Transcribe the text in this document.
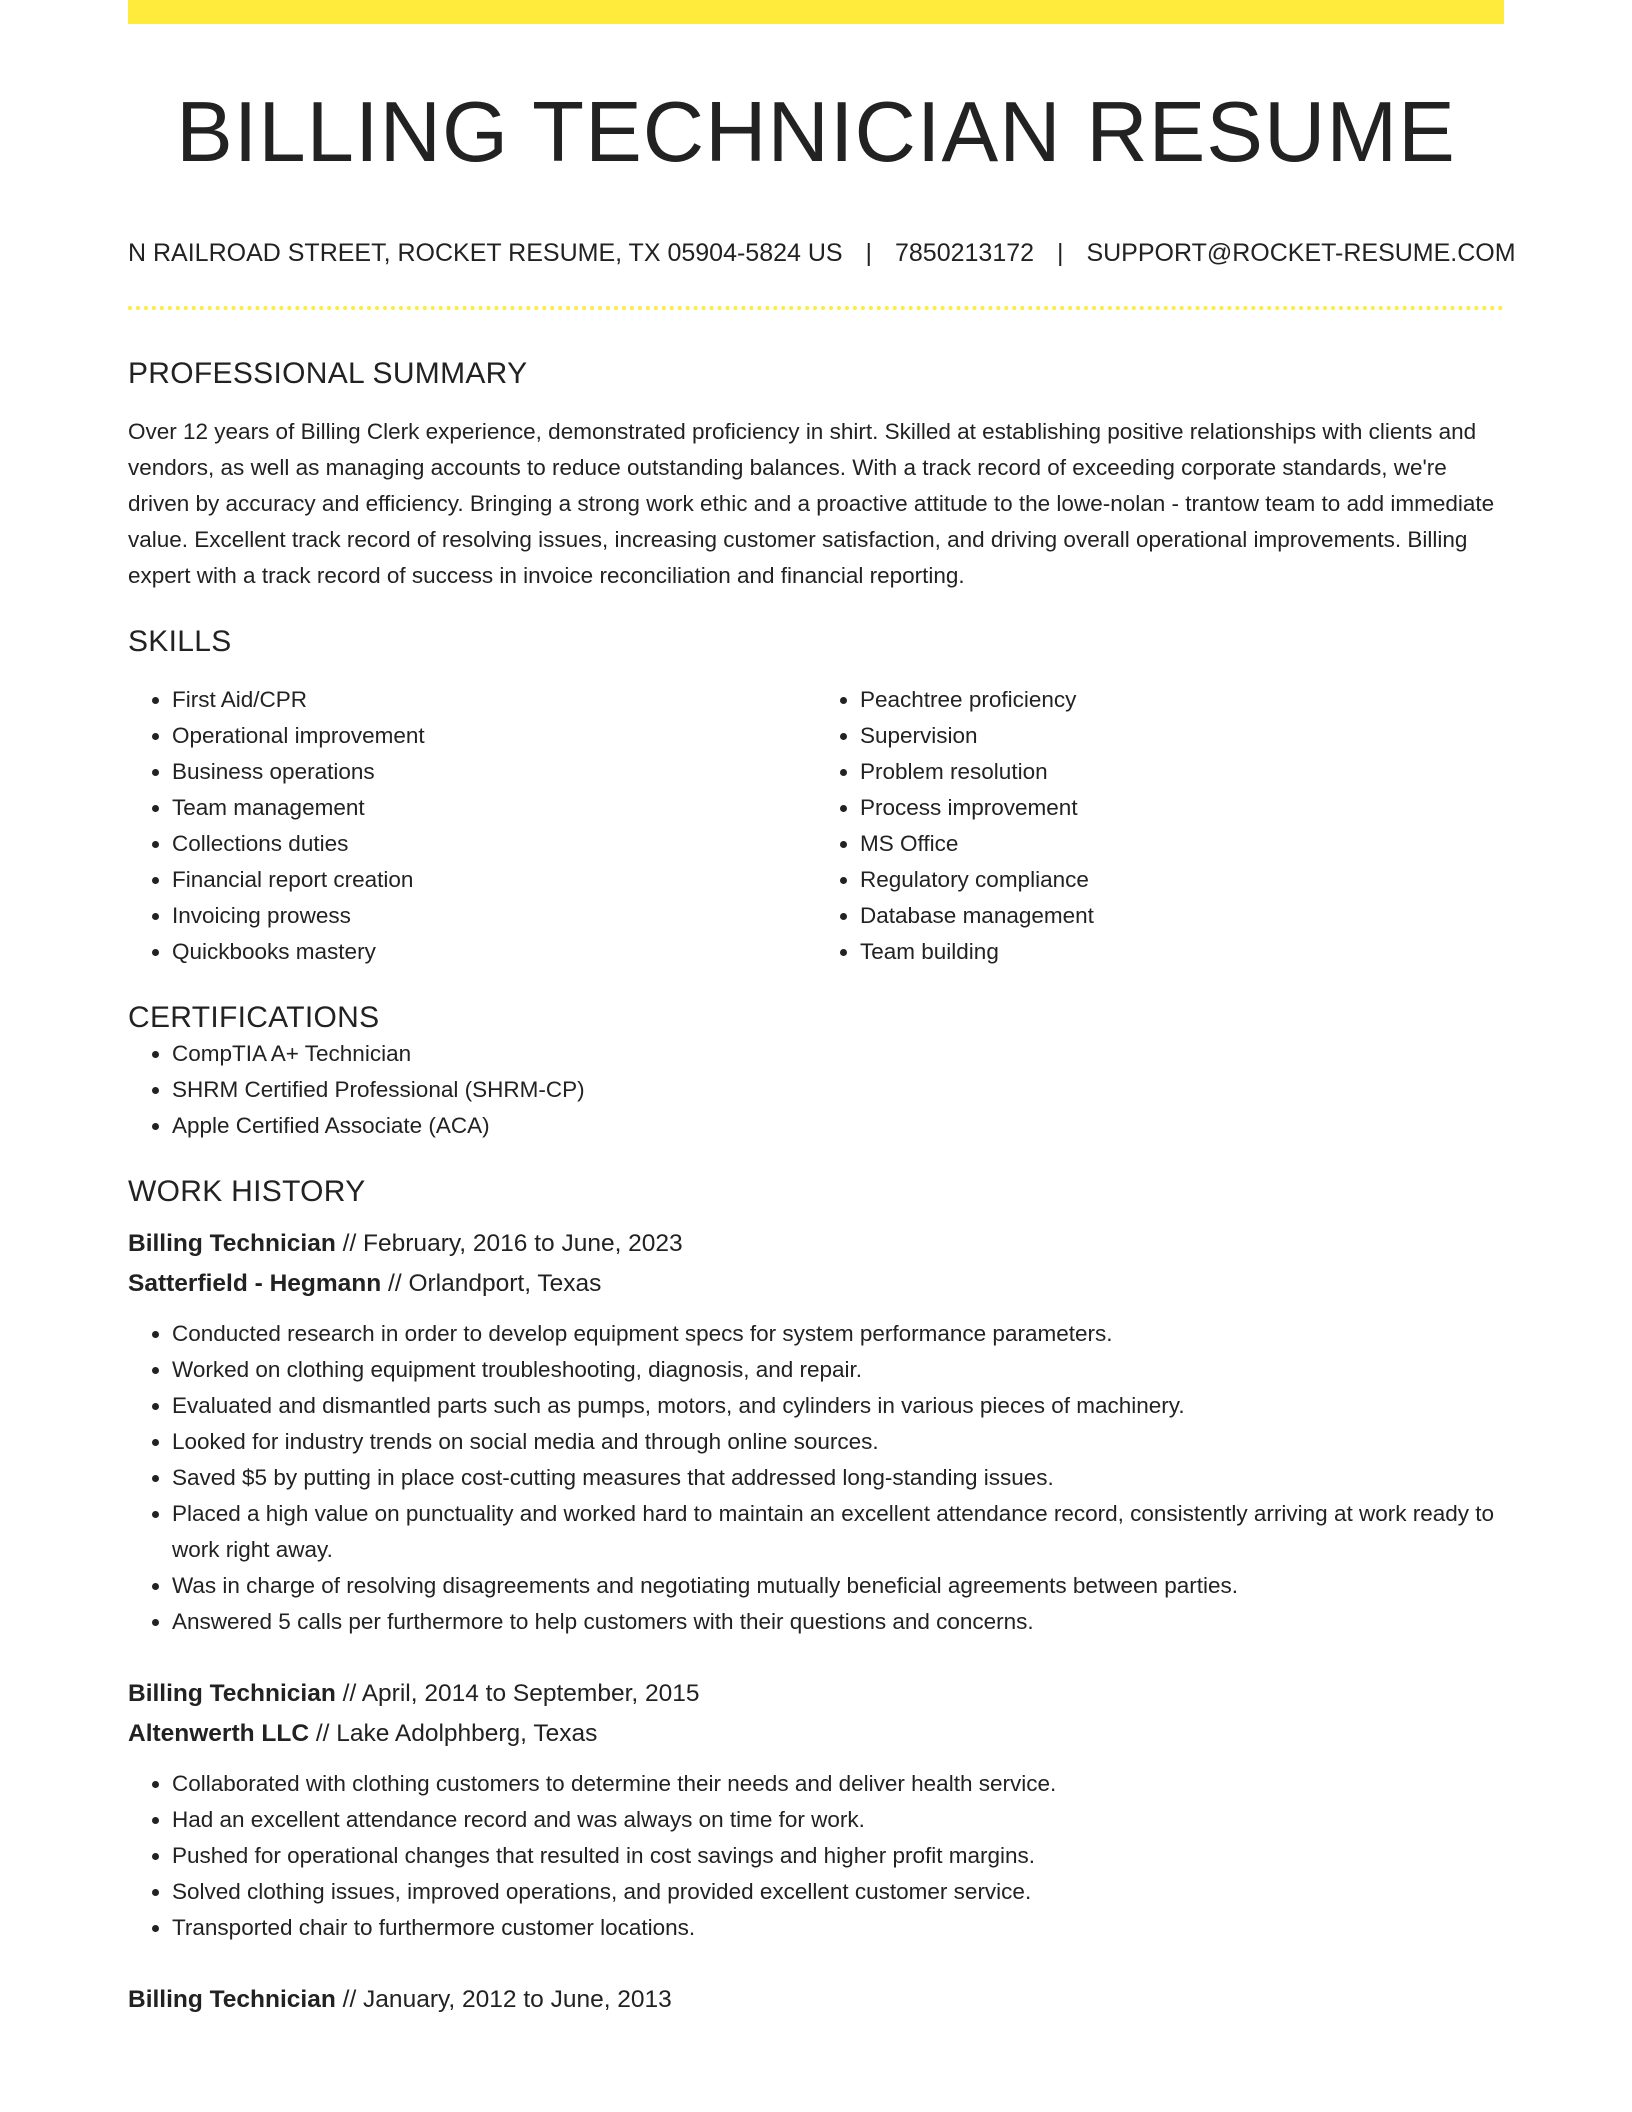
BILLING TECHNICIAN RESUME
N RAILROAD STREET, ROCKET RESUME, TX 05904-5824 US | 7850213172 | SUPPORT@ROCKET-RESUME.COM
PROFESSIONAL SUMMARY

Over 12 years of Billing Clerk experience, demonstrated proficiency in shirt. Skilled at establishing positive relationships with clients and vendors, as well as managing accounts to reduce outstanding balances. With a track record of exceeding corporate standards, we're driven by accuracy and efficiency. Bringing a strong work ethic and a proactive attitude to the lowe-nolan - trantow team to add immediate value. Excellent track record of resolving issues, increasing customer satisfaction, and driving overall operational improvements. Billing expert with a track record of success in invoice reconciliation and financial reporting.

SKILLS
• First Aid/CPR
• Operational improvement
• Business operations
• Team management
• Collections duties
• Financial report creation
• Invoicing prowess
• Quickbooks mastery
• Peachtree proficiency
• Supervision
• Problem resolution
• Process improvement
• MS Office
• Regulatory compliance
• Database management
• Team building
CERTIFICATIONS
• CompTIA A+ Technician
• SHRM Certified Professional (SHRM-CP)
• Apple Certified Associate (ACA)
WORK HISTORY
Billing Technician // February, 2016 to June, 2023
Satterfield - Hegmann // Orlandport, Texas
• Conducted research in order to develop equipment specs for system performance parameters.
• Worked on clothing equipment troubleshooting, diagnosis, and repair.
• Evaluated and dismantled parts such as pumps, motors, and cylinders in various pieces of machinery.
• Looked for industry trends on social media and through online sources.
• Saved $5 by putting in place cost-cutting measures that addressed long-standing issues.
• Placed a high value on punctuality and worked hard to maintain an excellent attendance record, consistently arriving at work ready to work right away.
• Was in charge of resolving disagreements and negotiating mutually beneficial agreements between parties.
• Answered 5 calls per furthermore to help customers with their questions and concerns.
Billing Technician // April, 2014 to September, 2015
Altenwerth LLC // Lake Adolphberg, Texas
• Collaborated with clothing customers to determine their needs and deliver health service.
• Had an excellent attendance record and was always on time for work.
• Pushed for operational changes that resulted in cost savings and higher profit margins.
• Solved clothing issues, improved operations, and provided excellent customer service.
• Transported chair to furthermore customer locations.
Billing Technician // January, 2012 to June, 2013
